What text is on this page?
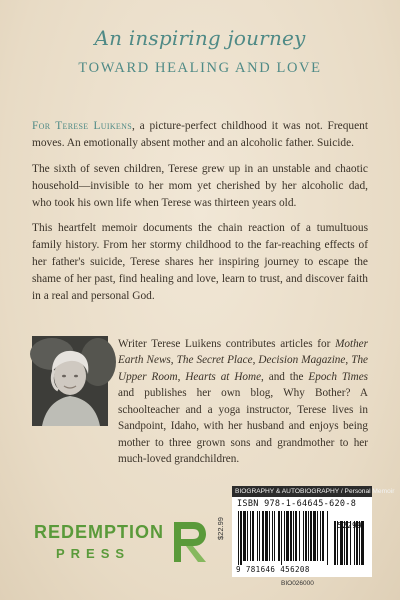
An inspiring journey
TOWARD HEALING AND LOVE

For Terese Luikens, a picture-perfect childhood it was not. Frequent moves. An emotionally absent mother and an alcoholic father. Suicide.

The sixth of seven children, Terese grew up in an unstable and chaotic household—invisible to her mom yet cherished by her alcoholic dad, who took his own life when Terese was thirteen years old.

This heartfelt memoir documents the chain reaction of a tumultuous family history. From her stormy childhood to the far-reaching effects of her father's suicide, Terese shares her inspiring journey to escape the shame of her past, find healing and love, learn to trust, and discover faith in a real and personal God.

Writer Terese Luikens contributes articles for Mother Earth News, The Secret Place, Decision Magazine, The Upper Room, Hearts at Home, and the Epoch Times and publishes her own blog, Why Bother? A schoolteacher and a yoga instructor, Terese lives in Sandpoint, Idaho, with her husband and enjoys being mother to three grown sons and grandmother to her much-loved grandchildren.
REDEMPTION
PRESS
$22.99
BIOGRAPHY & AUTOBIOGRAPHY / Personal Memoir
ISBN 978-1-64645-620-8
9 781646 456208
52299
BIO026000
